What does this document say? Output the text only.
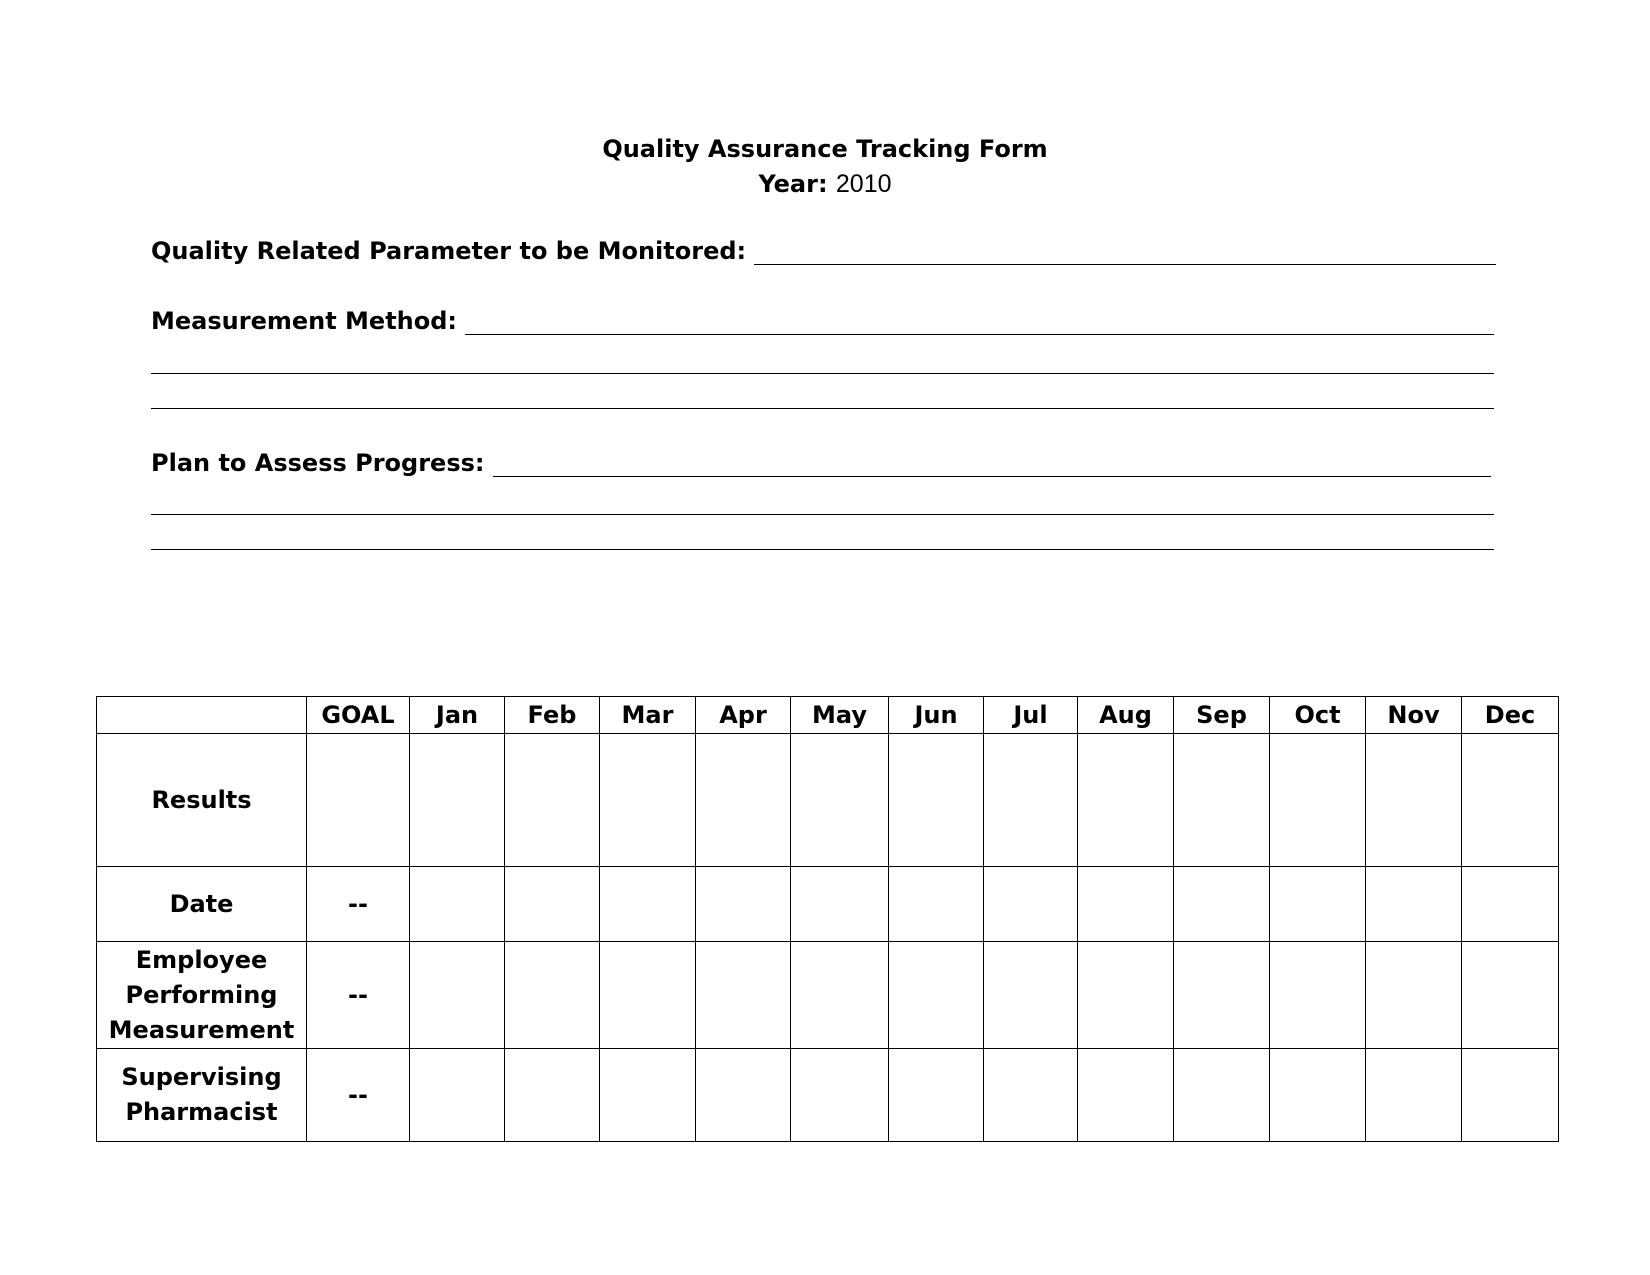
Quality Assurance Tracking Form
Year: 2010
Quality Related Parameter to be Monitored:
Measurement Method:
Plan to Assess Progress:
	GOAL	Jan	Feb	Mar	Apr	May	Jun	Jul	Aug	Sep	Oct	Nov	Dec

Results													

Date	--												

Employee
Performing
Measurement	--												

Supervising
Pharmacist	--												
